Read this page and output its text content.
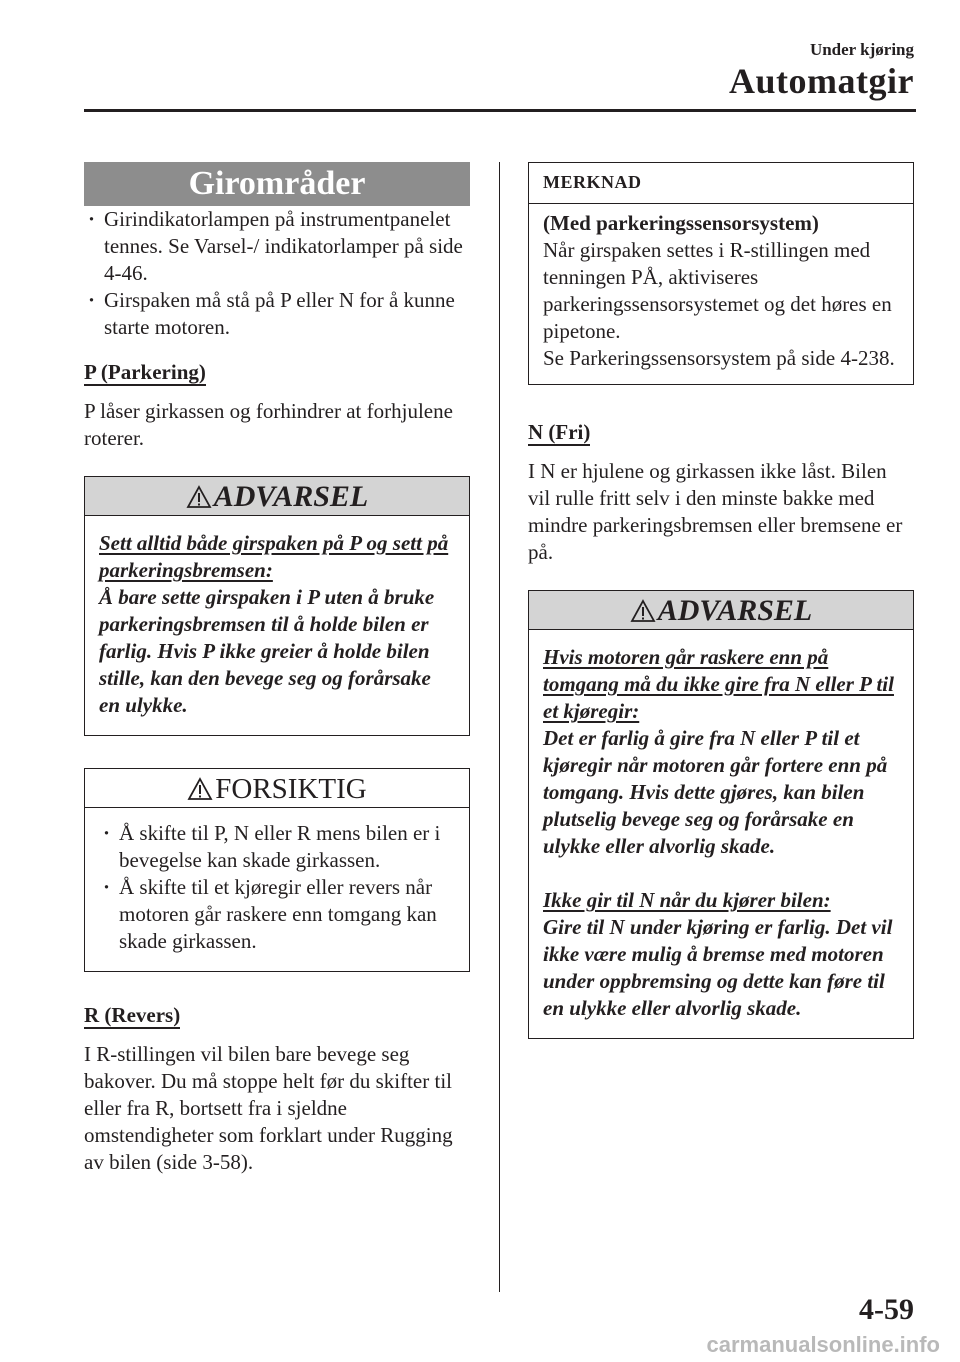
Under kjøring
Automatgir
Girområder
· Girindikatorlampen på instrumentpanelet tennes. Se Varsel-/ indikatorlamper på side 4-46.
· Girspaken må stå på P eller N for å kunne starte motoren.
P (Parkering)

P låser girkassen og forhindrer at forhjulene roterer.

ADVARSEL

Sett alltid både girspaken på P og sett på parkeringsbremsen:

Å bare sette girspaken i P uten å bruke parkeringsbremsen til å holde bilen er farlig. Hvis P ikke greier å holde bilen stille, kan den bevege seg og forårsake en ulykke.

FORSIKTIG
· Å skifte til P, N eller R mens bilen er i bevegelse kan skade girkassen.
· Å skifte til et kjøregir eller revers når motoren går raskere enn tomgang kan skade girkassen.
R (Revers)

I R-stillingen vil bilen bare bevege seg bakover. Du må stoppe helt før du skifter til eller fra R, bortsett fra i sjeldne omstendigheter som forklart under Rugging av bilen (side 3-58).

MERKNAD

(Med parkeringssensorsystem)

Når girspaken settes i R-stillingen med tenningen PÅ, aktiviseres parkeringssensorsystemet og det høres en pipetone.

Se Parkeringssensorsystem på side 4-238.

N (Fri)

I N er hjulene og girkassen ikke låst. Bilen vil rulle fritt selv i den minste bakke med mindre parkeringsbremsen eller bremsene er på.

ADVARSEL

Hvis motoren går raskere enn på tomgang må du ikke gire fra N eller P til et kjøregir:

Det er farlig å gire fra N eller P til et kjøregir når motoren går fortere enn på tomgang. Hvis dette gjøres, kan bilen plutselig bevege seg og forårsake en ulykke eller alvorlig skade.

Ikke gir til N når du kjører bilen:

Gire til N under kjøring er farlig. Det vil ikke være mulig å bremse med motoren under oppbremsing og dette kan føre til en ulykke eller alvorlig skade.

4-59
carmanualsonline.info
